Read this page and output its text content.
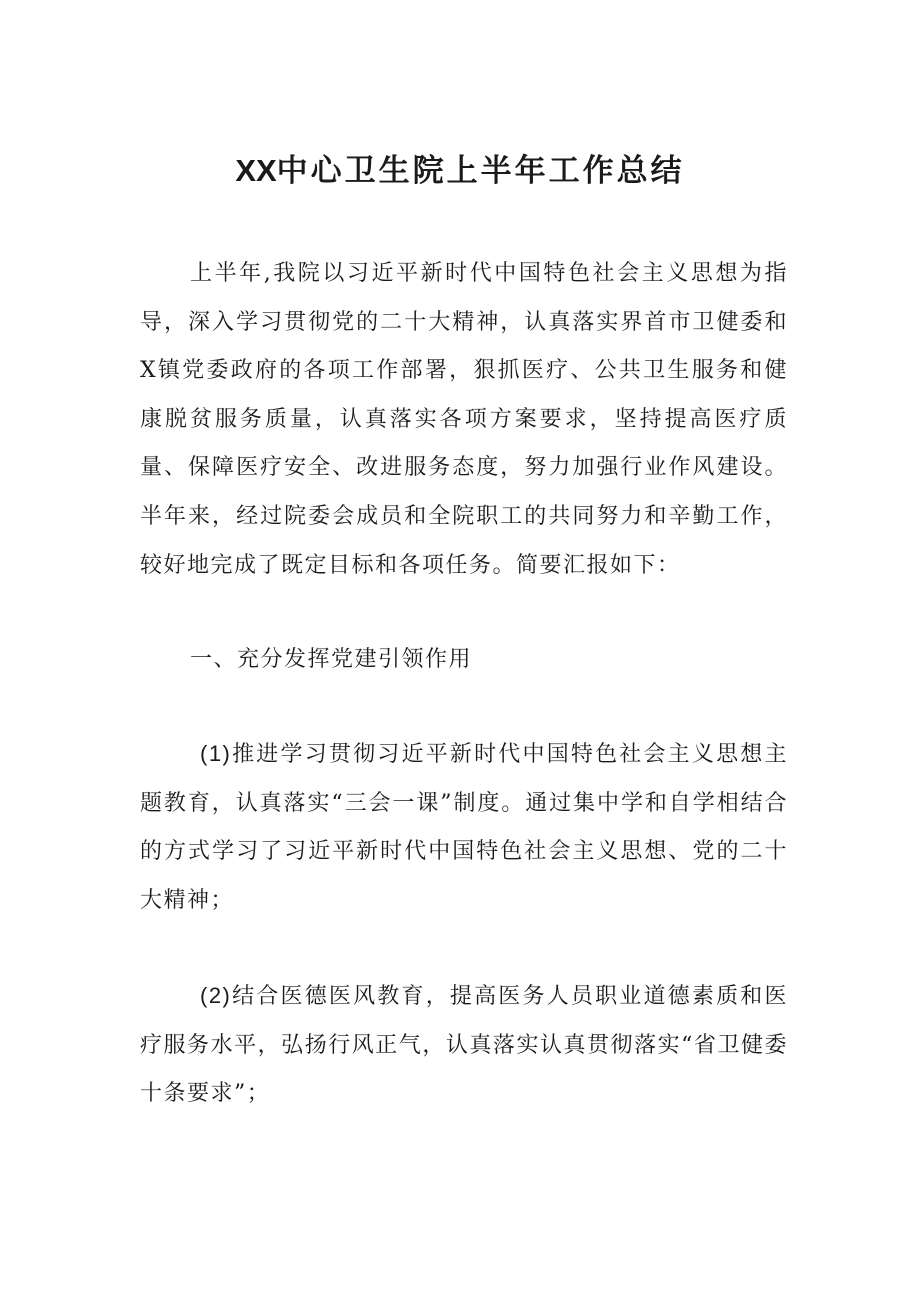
XX中心卫生院上半年工作总结

上半年,我院以习近平新时代中国特色社会主义思想为指导，深入学习贯彻党的二十大精神，认真落实界首市卫健委和X镇党委政府的各项工作部署，狠抓医疗、公共卫生服务和健康脱贫服务质量，认真落实各项方案要求，坚持提高医疗质量、保障医疗安全、改进服务态度，努力加强行业作风建设。半年来，经过院委会成员和全院职工的共同努力和辛勤工作，较好地完成了既定目标和各项任务。简要汇报如下：

一、充分发挥党建引领作用

(1)推进学习贯彻习近平新时代中国特色社会主义思想主题教育，认真落实“三会一课”制度。通过集中学和自学相结合的方式学习了习近平新时代中国特色社会主义思想、党的二十大精神；

(2)结合医德医风教育，提高医务人员职业道德素质和医疗服务水平，弘扬行风正气，认真落实认真贯彻落实“省卫健委十条要求”；
